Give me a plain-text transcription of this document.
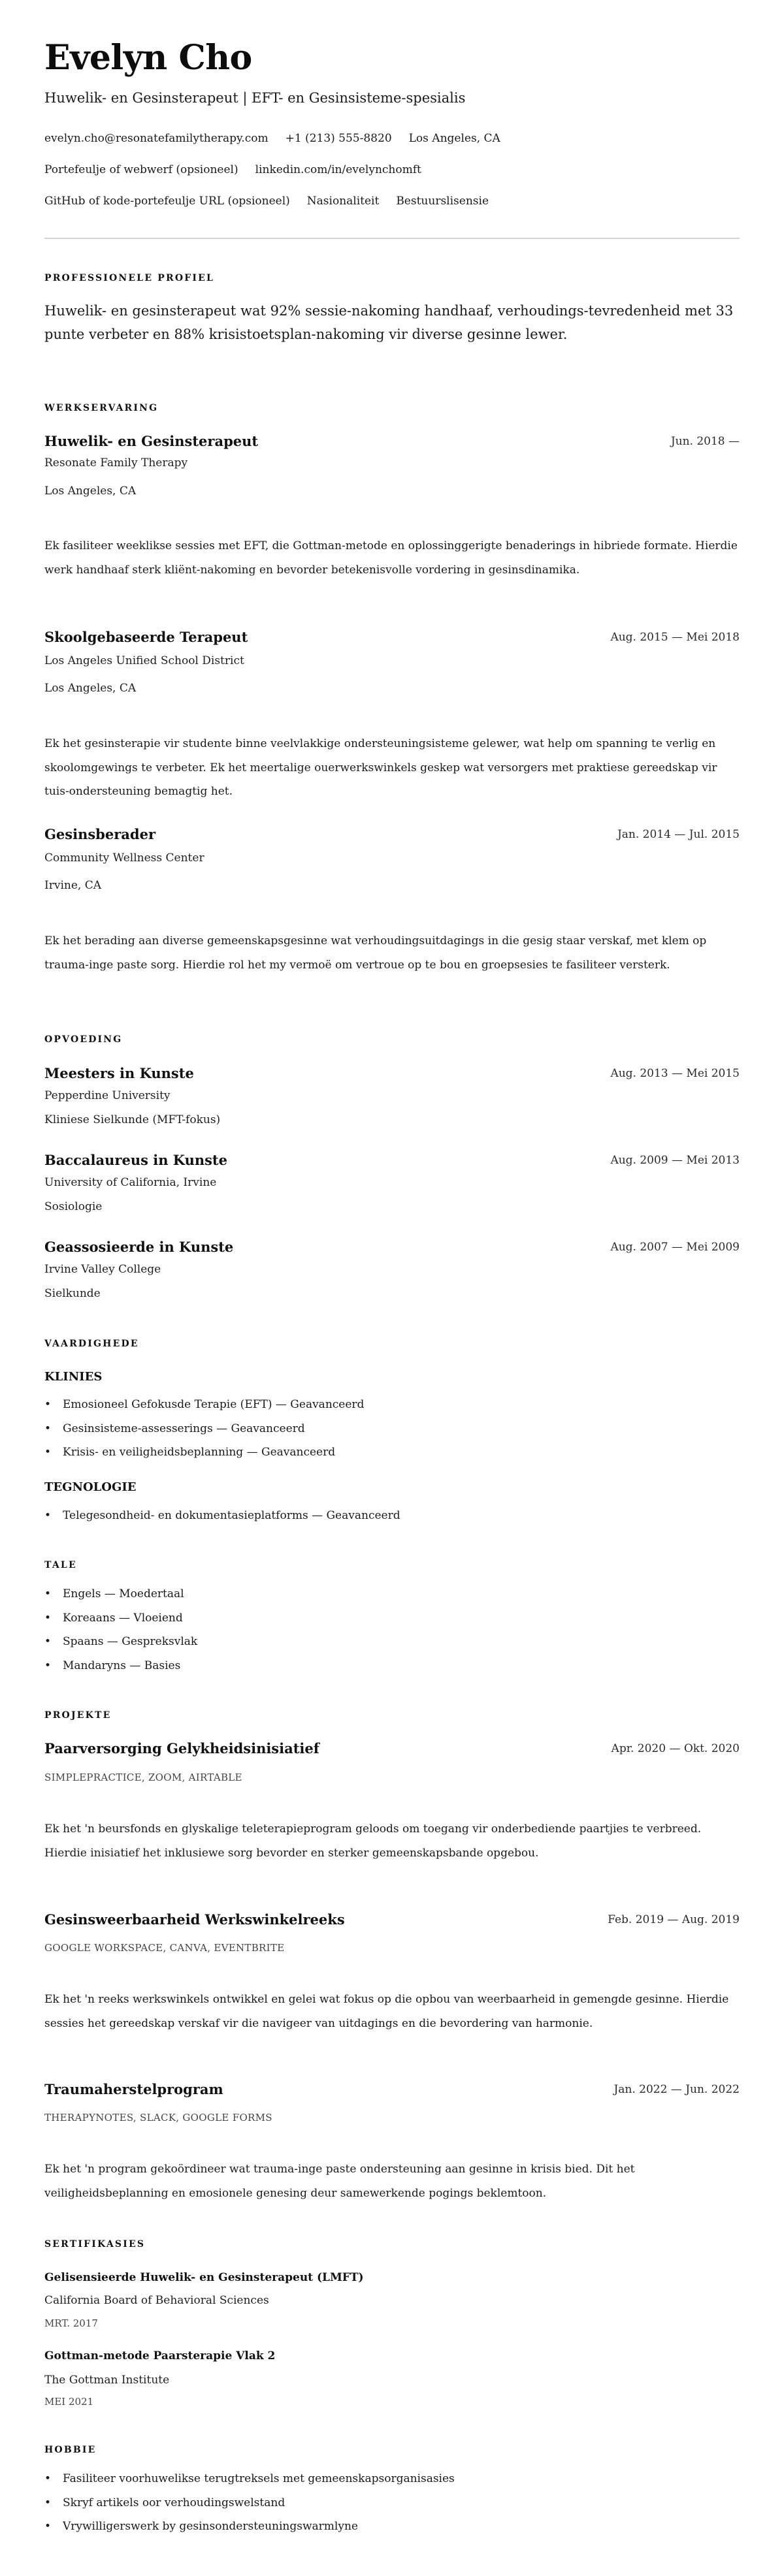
Evelyn Cho
Huwelik- en Gesinsterapeut | EFT- en Gesinsisteme-spesialis
evelyn.cho@resonatefamilytherapy.com +1 (213) 555-8820 Los Angeles, CA
Portefeulje of webwerf (opsioneel) linkedin.com/in/evelynchomft
GitHub of kode-portefeulje URL (opsioneel) Nasionaliteit Bestuurslisensie
PROFESSIONELE PROFIEL

Huwelik- en gesinsterapeut wat 92% sessie-nakoming handhaaf, verhoudings-tevredenheid met 33 punte verbeter en 88% krisistoetsplan-nakoming vir diverse gesinne lewer.

WERKSERVARING
Huwelik- en Gesinsterapeut	Jun. 2018 —
Resonate Family Therapy
Los Angeles, CA

Ek fasiliteer weeklikse sessies met EFT, die Gottman-metode en oplossinggerigte benaderings in hibriede formate. Hierdie werk handhaaf sterk kliënt-nakoming en bevorder betekenisvolle vordering in gesinsdinamika.

Skoolgebaseerde Terapeut	Aug. 2015 — Mei 2018
Los Angeles Unified School District
Los Angeles, CA

Ek het gesinsterapie vir studente binne veelvlakkige ondersteuningsisteme gelewer, wat help om spanning te verlig en skoolomgewings te verbeter. Ek het meertalige ouerwerkswinkels geskep wat versorgers met praktiese gereedskap vir tuis-ondersteuning bemagtig het.

Gesinsberader	Jan. 2014 — Jul. 2015
Community Wellness Center
Irvine, CA

Ek het berading aan diverse gemeenskapsgesinne wat verhoudingsuitdagings in die gesig staar verskaf, met klem op trauma-inge paste sorg. Hierdie rol het my vermoë om vertroue op te bou en groepsesies te fasiliteer versterk.

OPVOEDING
Meesters in Kunste	Aug. 2013 — Mei 2015
Pepperdine University
Kliniese Sielkunde (MFT-fokus)
Baccalaureus in Kunste	Aug. 2009 — Mei 2013
University of California, Irvine
Sosiologie
Geassosieerde in Kunste	Aug. 2007 — Mei 2009
Irvine Valley College
Sielkunde
VAARDIGHEDE
KLINIES
• Emosioneel Gefokusde Terapie (EFT) — Geavanceerd
• Gesinsisteme-assesserings — Geavanceerd
• Krisis- en veiligheidsbeplanning — Geavanceerd
TEGNOLOGIE
• Telegesondheid- en dokumentasieplatforms — Geavanceerd
TALE
• Engels — Moedertaal
• Koreaans — Vloeiend
• Spaans — Gespreksvlak
• Mandaryns — Basies
PROJEKTE
Paarversorging Gelykheidsinisiatief	Apr. 2020 — Okt. 2020
SIMPLEPRACTICE, ZOOM, AIRTABLE

Ek het 'n beursfonds en glyskalige teleterapieprogram geloods om toegang vir onderbediende paartjies te verbreed. Hierdie inisiatief het inklusiewe sorg bevorder en sterker gemeenskapsbande opgebou.

Gesinsweerbaarheid Werkswinkelreeks	Feb. 2019 — Aug. 2019
GOOGLE WORKSPACE, CANVA, EVENTBRITE

Ek het 'n reeks werkswinkels ontwikkel en gelei wat fokus op die opbou van weerbaarheid in gemengde gesinne. Hierdie sessies het gereedskap verskaf vir die navigeer van uitdagings en die bevordering van harmonie.

Traumaherstelprogram	Jan. 2022 — Jun. 2022
THERAPYNOTES, SLACK, GOOGLE FORMS

Ek het 'n program gekoördineer wat trauma-inge paste ondersteuning aan gesinne in krisis bied. Dit het veiligheidsbeplanning en emosionele genesing deur samewerkende pogings beklemtoon.

SERTIFIKASIES
Gelisensieerde Huwelik- en Gesinsterapeut (LMFT)
California Board of Behavioral Sciences
MRT. 2017
Gottman-metode Paarsterapie Vlak 2
The Gottman Institute
MEI 2021
HOBBIE
• Fasiliteer voorhuwelikse terugtreksels met gemeenskapsorganisasies
• Skryf artikels oor verhoudingswelstand
• Vrywilligerswerk by gesinsondersteuningswarmlyne
